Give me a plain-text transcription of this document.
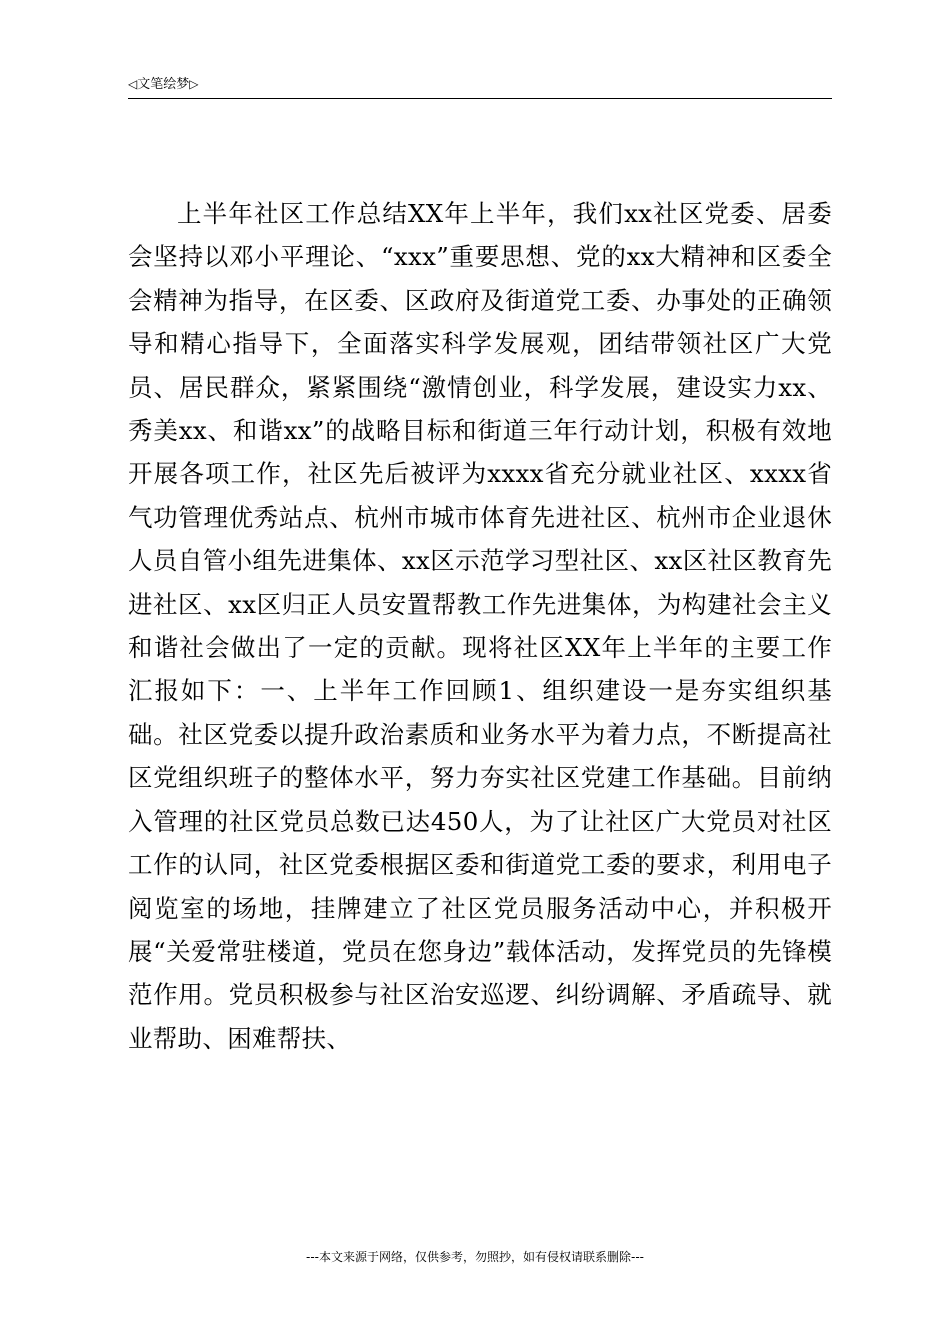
◁文笔绘梦▷

上半年社区工作总结XX年上半年，我们xx社区党委、居委会坚持以邓小平理论、“xxx”重要思想、党的xx大精神和区委全会精神为指导，在区委、区政府及街道党工委、办事处的正确领导和精心指导下，全面落实科学发展观，团结带领社区广大党员、居民群众，紧紧围绕“激情创业，科学发展，建设实力xx、秀美xx、和谐xx”的战略目标和街道三年行动计划，积极有效地开展各项工作，社区先后被评为xxxx省充分就业社区、xxxx省气功管理优秀站点、杭州市城市体育先进社区、杭州市企业退休人员自管小组先进集体、xx区示范学习型社区、xx区社区教育先进社区、xx区归正人员安置帮教工作先进集体，为构建社会主义和谐社会做出了一定的贡献。现将社区XX年上半年的主要工作汇报如下：一、上半年工作回顾1、组织建设一是夯实组织基础。社区党委以提升政治素质和业务水平为着力点，不断提高社区党组织班子的整体水平，努力夯实社区党建工作基础。目前纳入管理的社区党员总数已达450人，为了让社区广大党员对社区工作的认同，社区党委根据区委和街道党工委的要求，利用电子阅览室的场地，挂牌建立了社区党员服务活动中心，并积极开展“关爱常驻楼道，党员在您身边”载体活动，发挥党员的先锋模范作用。党员积极参与社区治安巡逻、纠纷调解、矛盾疏导、就业帮助、困难帮扶、

---本文来源于网络，仅供参考，勿照抄，如有侵权请联系删除---
